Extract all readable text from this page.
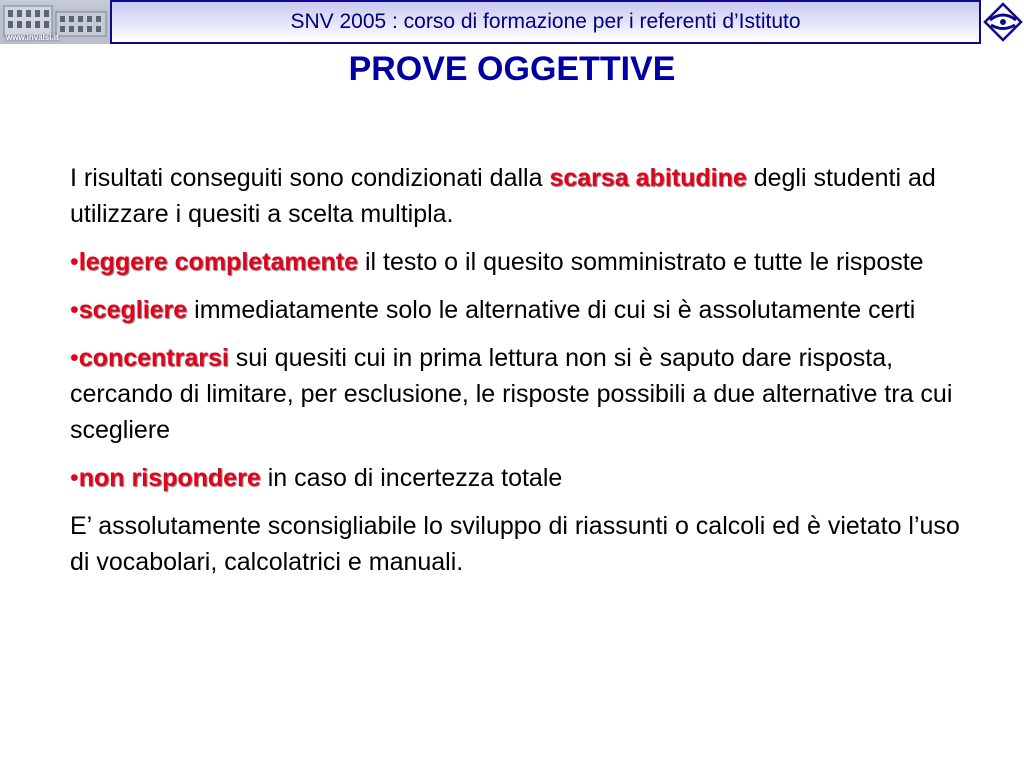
www.invalsi.it
SNV 2005 : corso di formazione per i referenti d’Istituto
PROVE OGGETTIVE

I risultati conseguiti sono condizionati dalla scarsa abitudine degli studenti ad utilizzare i quesiti a scelta multipla.

•leggere completamente il testo o il quesito somministrato e tutte le risposte

•scegliere immediatamente solo le alternative di cui si è assolutamente certi

•concentrarsi sui quesiti cui in prima lettura non si è saputo dare risposta, cercando di limitare, per esclusione, le risposte possibili a due alternative tra cui scegliere

•non rispondere in caso di incertezza totale

E’ assolutamente sconsigliabile lo sviluppo di riassunti o calcoli ed è vietato l’uso di vocabolari, calcolatrici e manuali.
